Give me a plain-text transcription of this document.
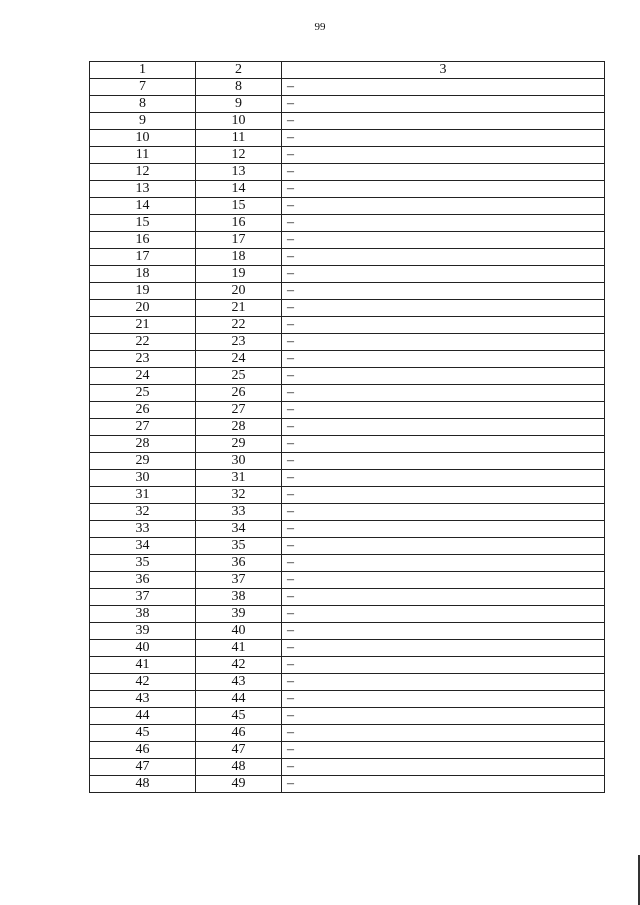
99
1	2	3
7	8	–
8	9	–
9	10	–
10	11	–
11	12	–
12	13	–
13	14	–
14	15	–
15	16	–
16	17	–
17	18	–
18	19	–
19	20	–
20	21	–
21	22	–
22	23	–
23	24	–
24	25	–
25	26	–
26	27	–
27	28	–
28	29	–
29	30	–
30	31	–
31	32	–
32	33	–
33	34	–
34	35	–
35	36	–
36	37	–
37	38	–
38	39	–
39	40	–
40	41	–
41	42	–
42	43	–
43	44	–
44	45	–
45	46	–
46	47	–
47	48	–
48	49	–
